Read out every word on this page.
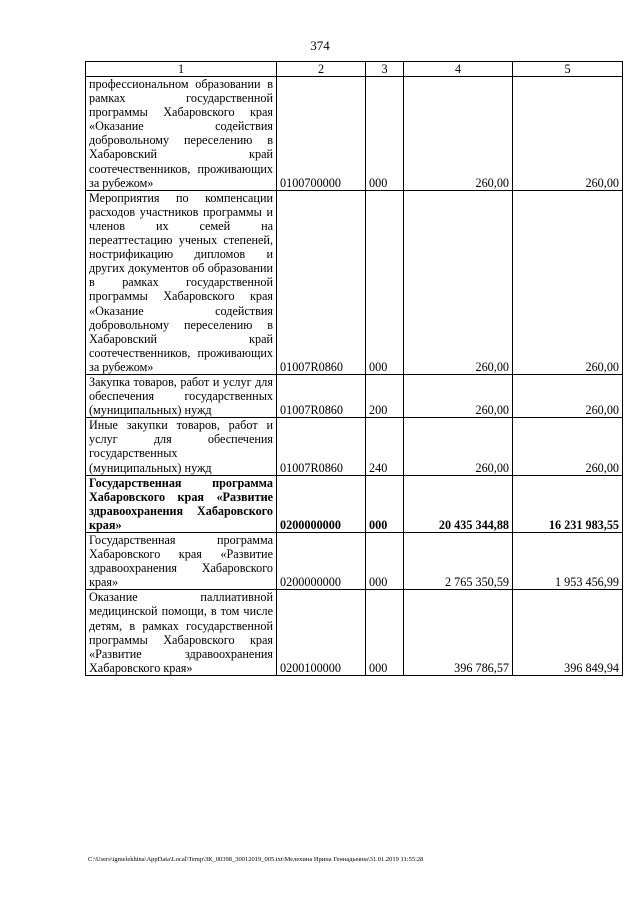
374
1	2	3	4	5
профессиональном образовании в рамках государственной программы Хабаровского края «Оказание содействия добровольному переселению в Хабаровский край соотечественников, проживающих за рубежом»	0100700000	000	260,00	260,00
Мероприятия по компенсации расходов участников программы и членов их семей на переаттестацию ученых степеней, нострификацию дипломов и других документов об образовании в рамках государственной программы Хабаровского края «Оказание содействия добровольному переселению в Хабаровский край соотечественников, проживающих за рубежом»	01007R0860	000	260,00	260,00
Закупка товаров, работ и услуг для обеспечения государственных (муниципальных) нужд	01007R0860	200	260,00	260,00
Иные закупки товаров, работ и услуг для обеспечения государственных (муниципальных) нужд	01007R0860	240	260,00	260,00
Государственная программа Хабаровского края «Развитие здравоохранения Хабаровского края»	0200000000	000	20 435 344,88	16 231 983,55
Государственная программа Хабаровского края «Развитие здравоохранения Хабаровского края»	0200000000	000	2 765 350,59	1 953 456,99
Оказание паллиативной медицинской помощи, в том числе детям, в рамках государственной программы Хабаровского края «Развитие здравоохранения Хабаровского края»	0200100000	000	396 786,57	396 849,94
C:\Users\igmelekhina\AppData\Local\Temp\ЗК_00398_30012019_005.txt\Мелехина Ирина Геннадьевна\31.01.2019 11:55:28
